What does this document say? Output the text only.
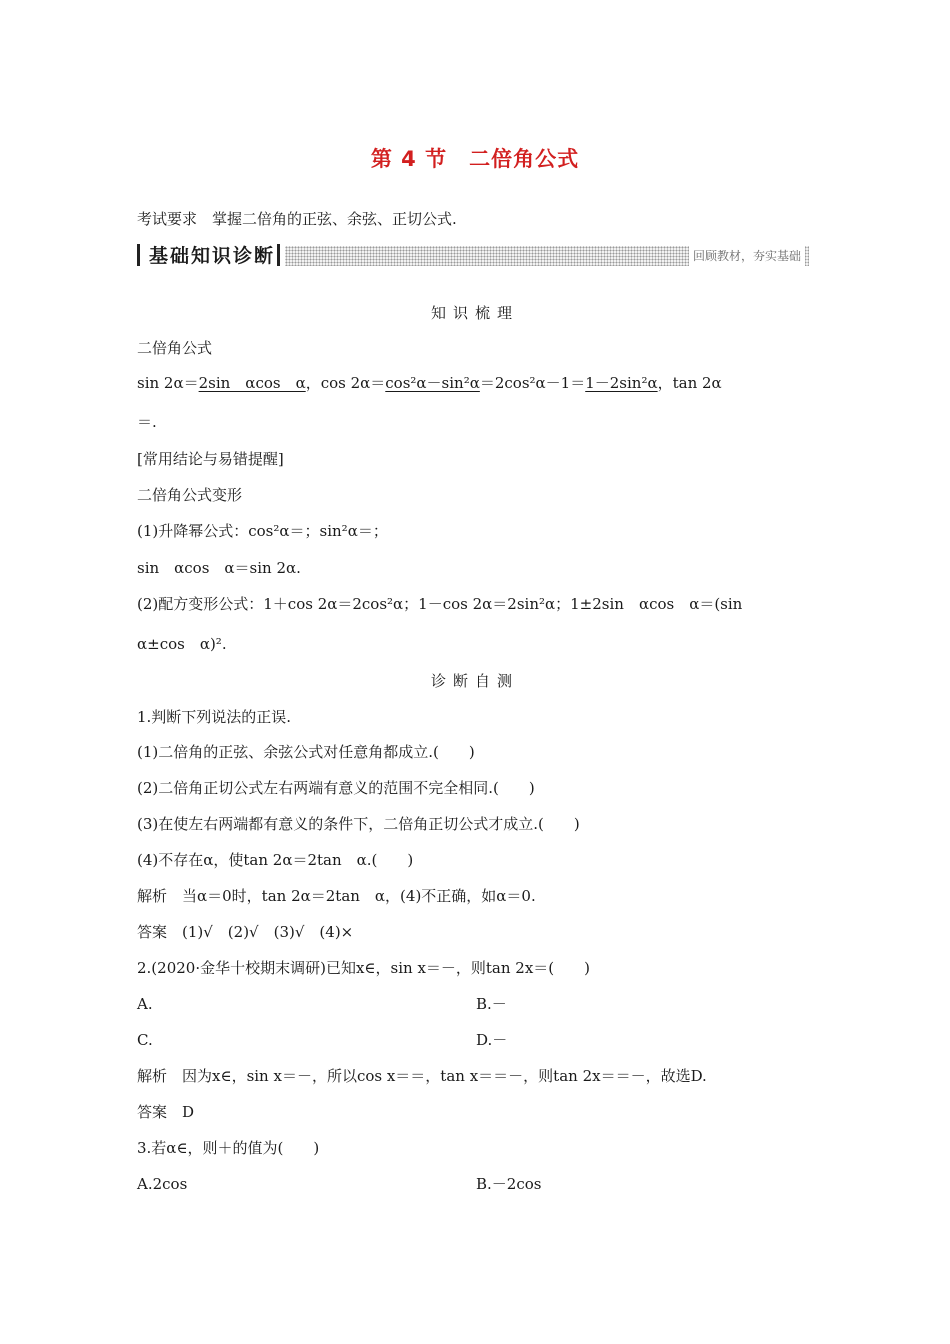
第 4 节 二倍角公式
考试要求　 掌握二倍角的正弦、余弦、正切公式.
基础知识诊断	回顾教材，夯实基础
知识梳理
二倍角公式
sin 2α＝2sin　αcos　α，cos 2α＝cos²α－sin²α＝2cos²α－1＝1－2sin²α，tan 2α
＝.
[常用结论与易错提醒]
二倍角公式变形
(1)升降幂公式：cos²α＝；sin²α＝；
sin　αcos　α＝sin 2α.
(2)配方变形公式：1＋cos 2α＝2cos²α；1－cos 2α＝2sin²α；1±2sin　αcos　α＝(sin
α±cos　α)².
诊断自测
1.判断下列说法的正误.
(1)二倍角的正弦、余弦公式对任意角都成立.(　　)
(2)二倍角正切公式左右两端有意义的范围不完全相同.(　　)
(3)在使左右两端都有意义的条件下，二倍角正切公式才成立.(　　)
(4)不存在α，使tan 2α＝2tan　α.(　　)
解析　当α＝0时，tan 2α＝2tan　α，(4)不正确，如α＝0.
答案　(1)√　(2)√　(3)√　(4)×
2.(2020·金华十校期末调研)已知x∈，sin x＝－，则tan 2x＝(　　)
A.	B.－
C.	D.－
解析　因为x∈，sin x＝－，所以cos x＝＝，tan x＝＝－，则tan 2x＝＝－，故选D.
答案　D
3.若α∈，则＋的值为(　　)
A.2cos	B.－2cos
